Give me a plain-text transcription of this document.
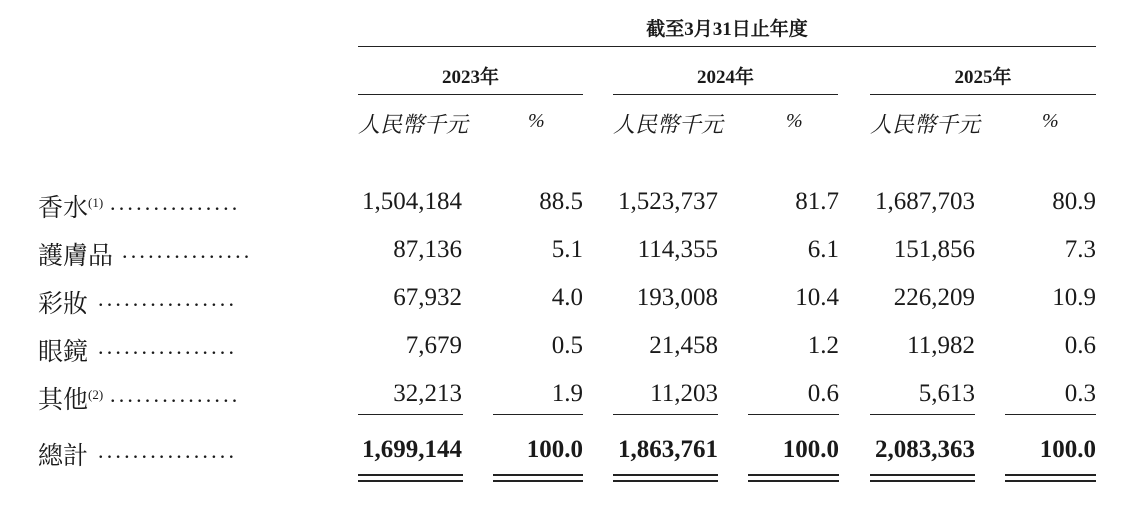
截至3月31日止年度
2023年	2024年	2025年
人民幣千元	%	人民幣千元	%	人民幣千元	%
香水$^{(1)}$ ...............	1,504,184	88.5 1,523,737	81.7 1,687,703	80.9
護膚品 ...............	87,136	5.1 114,355	6.1 151,856	7.3
彩妝 ................	67,932	4.0 193,008	10.4 226,209	10.9
眼鏡 ................	7,679	0.5	21,458	1.2	11,982	0.6
其他$^{(2)}$ ...............	32,213	1.9	11,203	0.6	5,613	0.3
總計 ................	1,699,144	100.0 1,863,761	100.0 2,083,363	100.0
